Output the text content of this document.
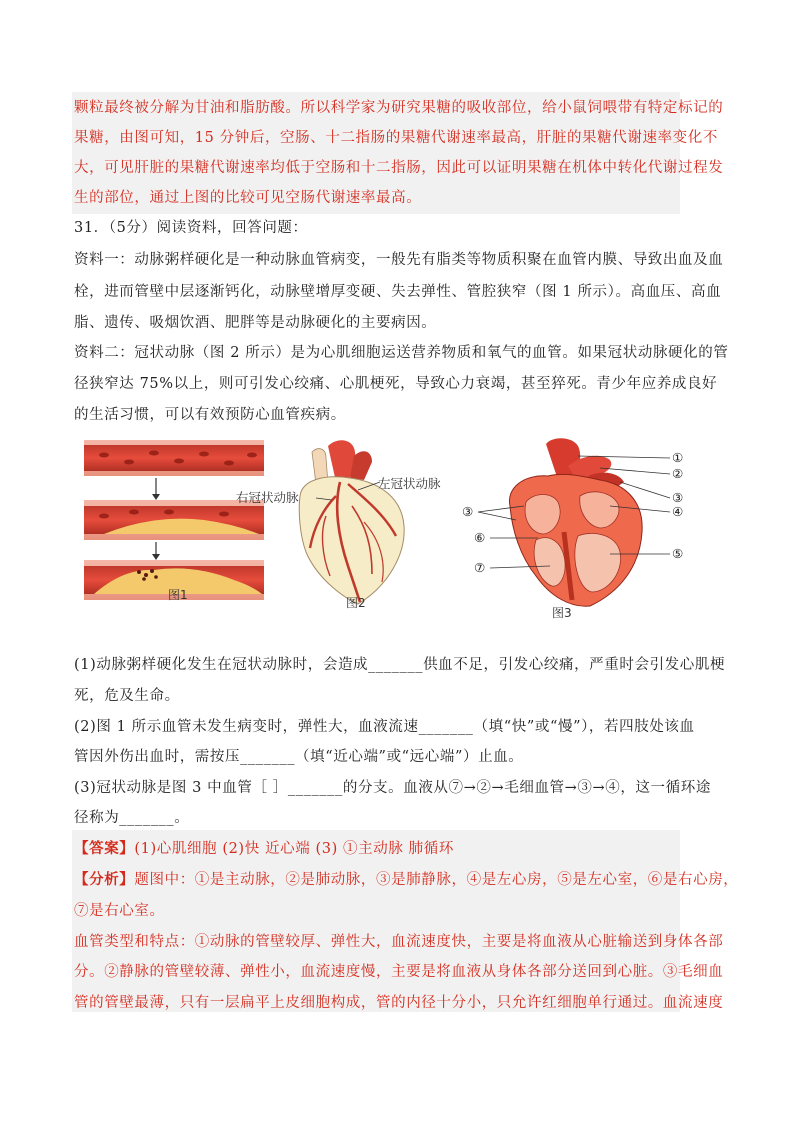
颗粒最终被分解为甘油和脂肪酸。所以科学家为研究果糖的吸收部位，给小鼠饲喂带有特定标记的
果糖，由图可知，15 分钟后，空肠、十二指肠的果糖代谢速率最高，肝脏的果糖代谢速率变化不
大，可见肝脏的果糖代谢速率均低于空肠和十二指肠，因此可以证明果糖在机体中转化代谢过程发
生的部位，通过上图的比较可见空肠代谢速率最高。
31．（5分）阅读资料，回答问题：
资料一：动脉粥样硬化是一种动脉血管病变，一般先有脂类等物质积聚在血管内膜、导致出血及血
栓，进而管壁中层逐渐钙化，动脉壁增厚变硬、失去弹性、管腔狭窄（图 1 所示）。高血压、高血
脂、遗传、吸烟饮酒、肥胖等是动脉硬化的主要病因。
资料二：冠状动脉（图 2 所示）是为心肌细胞运送营养物质和氧气的血管。如果冠状动脉硬化的管
径狭窄达 75%以上，则可引发心绞痛、心肌梗死，导致心力衰竭，甚至猝死。青少年应养成良好
的生活习惯，可以有效预防心血管疾病。
图1
右冠状动脉
左冠状动脉
图2
①
②
③
④
⑤
③
⑥
⑦
图3
(1)动脉粥样硬化发生在冠状动脉时，会造成_______供血不足，引发心绞痛，严重时会引发心肌梗
死，危及生命。
(2)图 1 所示血管未发生病变时，弹性大，血液流速_______（填“快”或“慢”），若四肢处该血
管因外伤出血时，需按压_______（填“近心端”或“远心端”）止血。
(3)冠状动脉是图 3 中血管［ ］_______的分支。血液从⑦→②→毛细血管→③→④，这一循环途
径称为_______。
【答案】(1)心肌细胞 (2)快 近心端 (3) ①主动脉 肺循环
【分析】题图中：①是主动脉，②是肺动脉，③是肺静脉，④是左心房，⑤是左心室，⑥是右心房，
⑦是右心室。
血管类型和特点：①动脉的管壁较厚、弹性大，血流速度快，主要是将血液从心脏输送到身体各部
分。②静脉的管壁较薄、弹性小，血流速度慢，主要是将血液从身体各部分送回到心脏。③毛细血
管的管壁最薄，只有一层扁平上皮细胞构成，管的内径十分小，只允许红细胞单行通过。血流速度
